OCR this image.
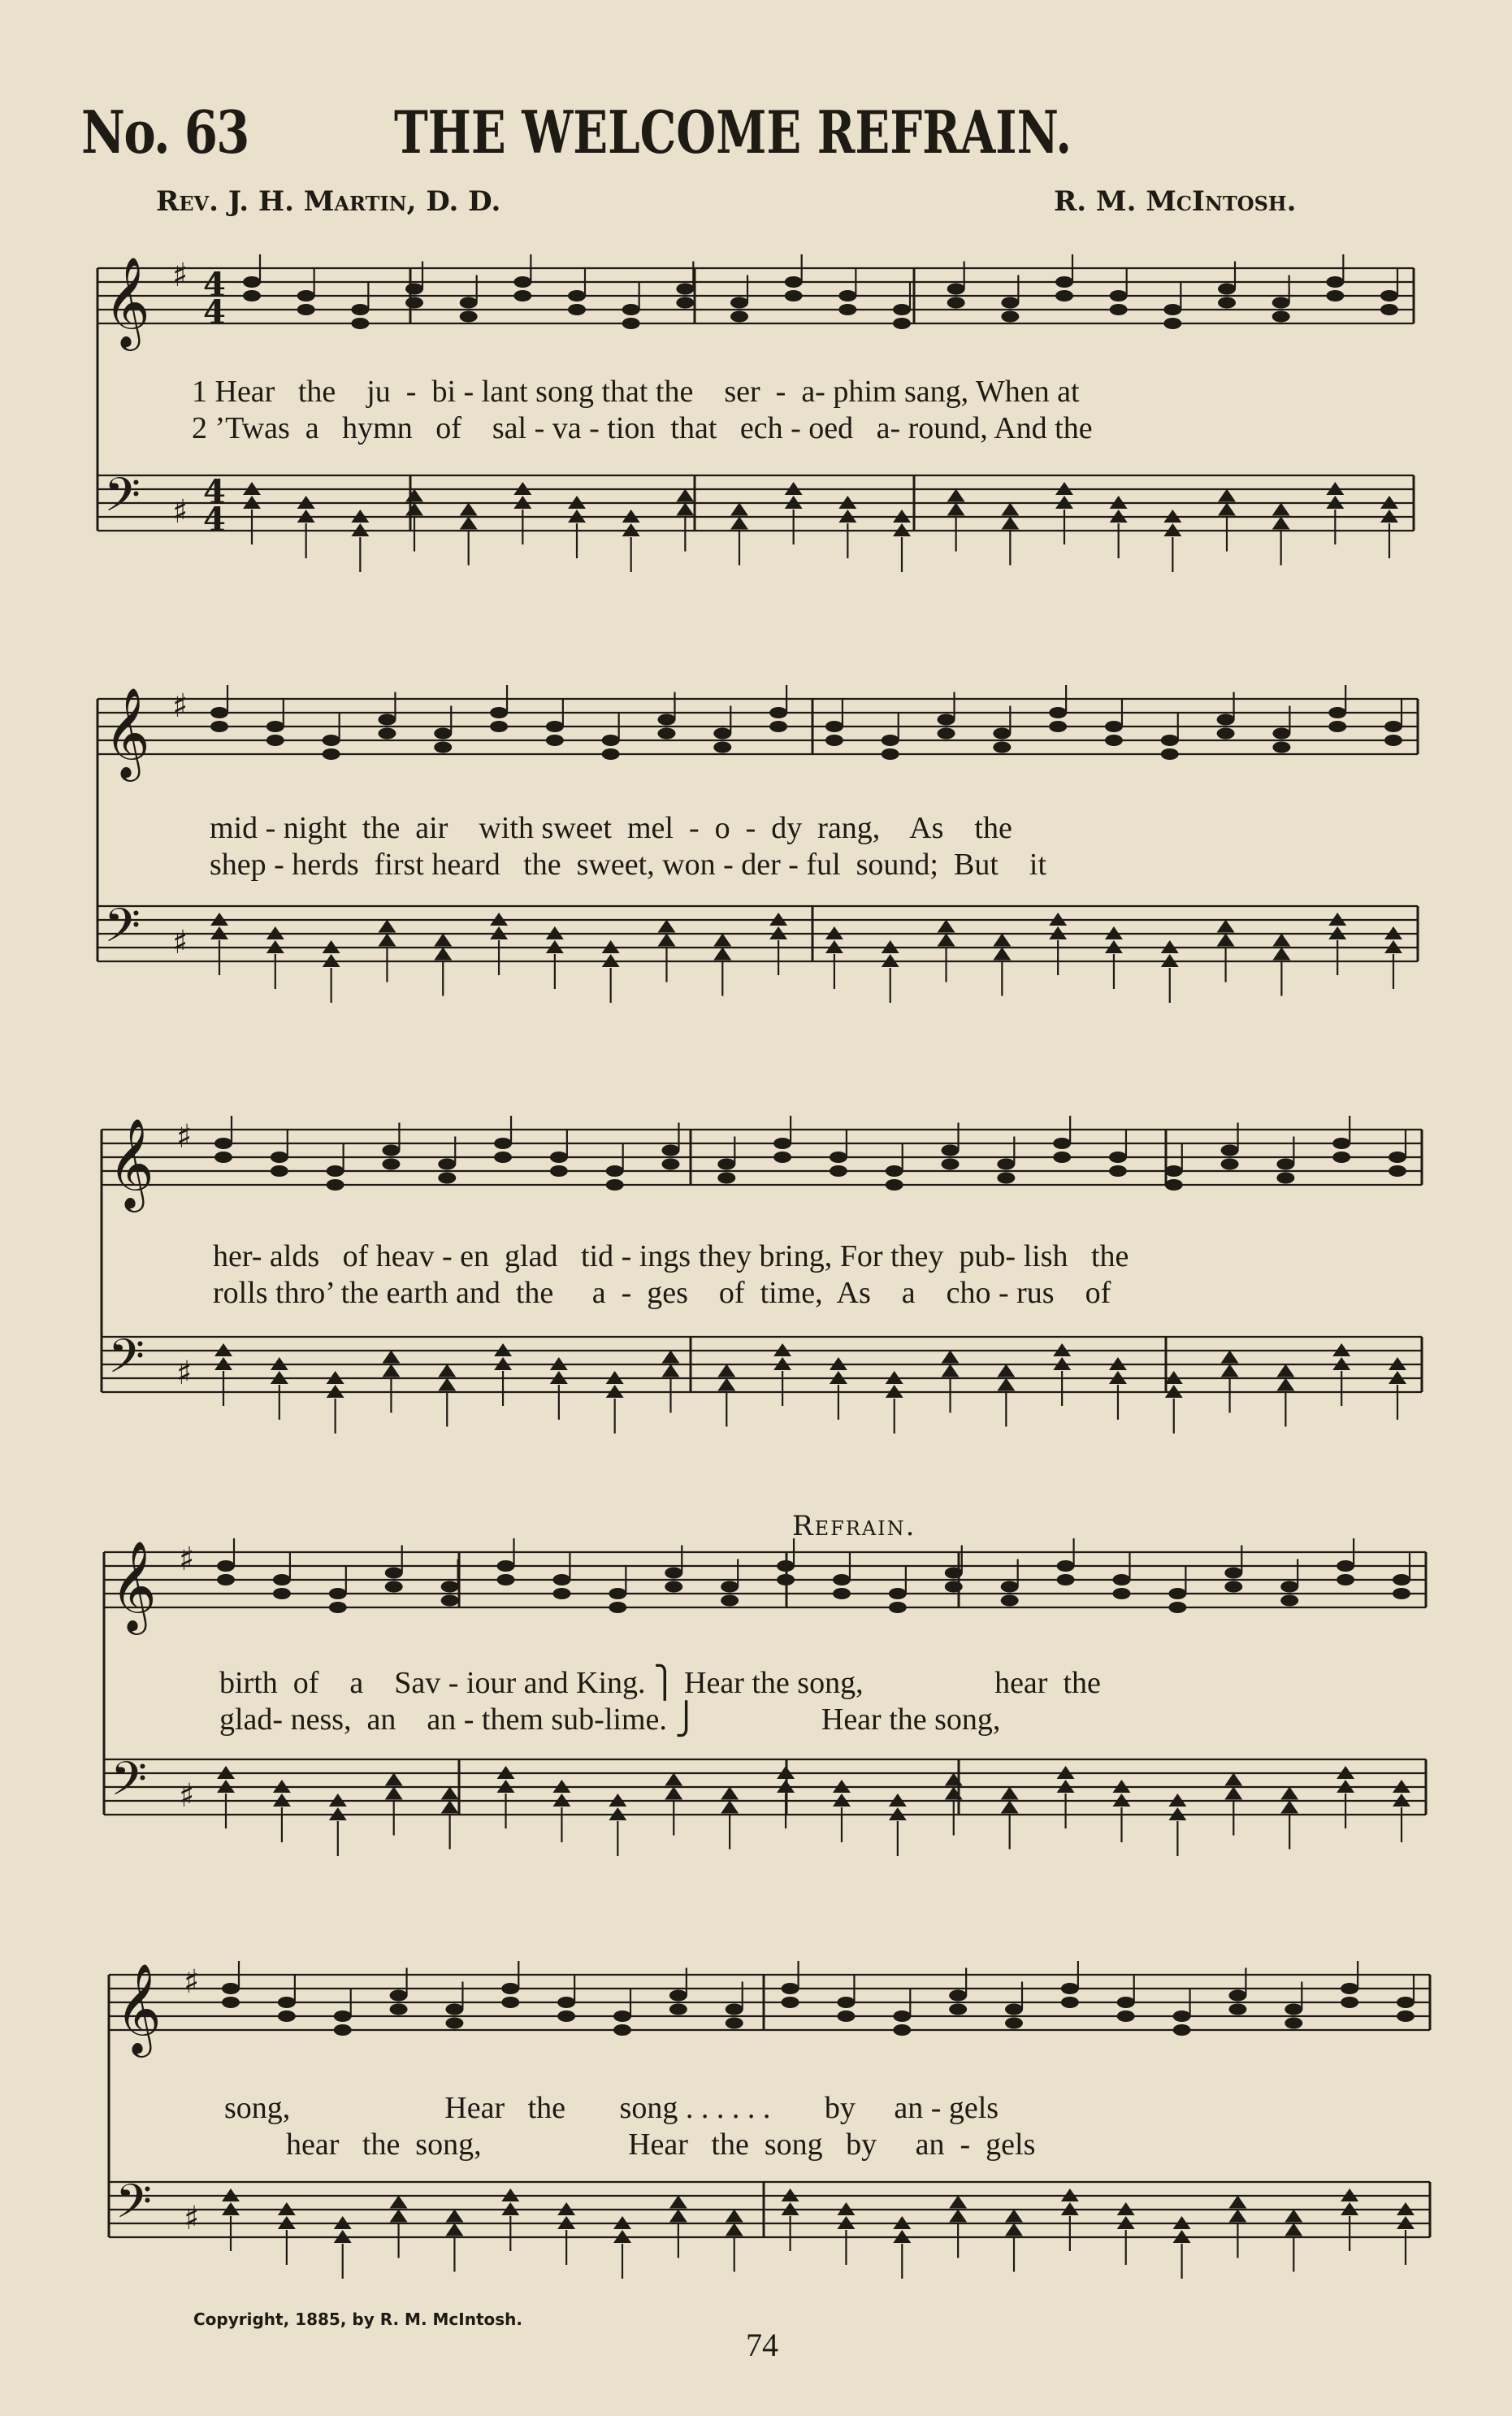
No. 63 THE WELCOME REFRAIN.
Rev. J. H. Martin, D. D.	R. M. McIntosh.
𝄞
𝄢
♯
♯
4
4
4
4
1 Hear   the    ju  -  bi - lant song that the    ser  -  a- phim sang, When at
2 ’Twas  a   hymn   of    sal - va - tion  that   ech - oed   a- round, And the
𝄞
𝄢
♯
♯
mid - night  the  air    with sweet  mel  -  o  -  dy  rang,    As    the
shep - herds  first heard   the  sweet, won - der - ful  sound;  But    it
𝄞
𝄢
♯
♯
her- alds   of heav - en  glad   tid - ings they bring, For they  pub- lish   the
rolls thro’ the earth and  the     a  -  ges    of  time,  As    a    cho - rus    of
Refrain.
𝄞
𝄢
♯
♯
birth  of    a    Sav - iour and King. ⎫ Hear the song,                 hear  the
glad- ness,  an    an - them sub-lime. ⎭                Hear the song,
𝄞
𝄢
♯
♯
song,                    Hear   the       song . . . . . .       by     an - gels
hear   the  song,                   Hear   the  song   by     an  -  gels
Copyright, 1885, by R. M. McIntosh.
74
